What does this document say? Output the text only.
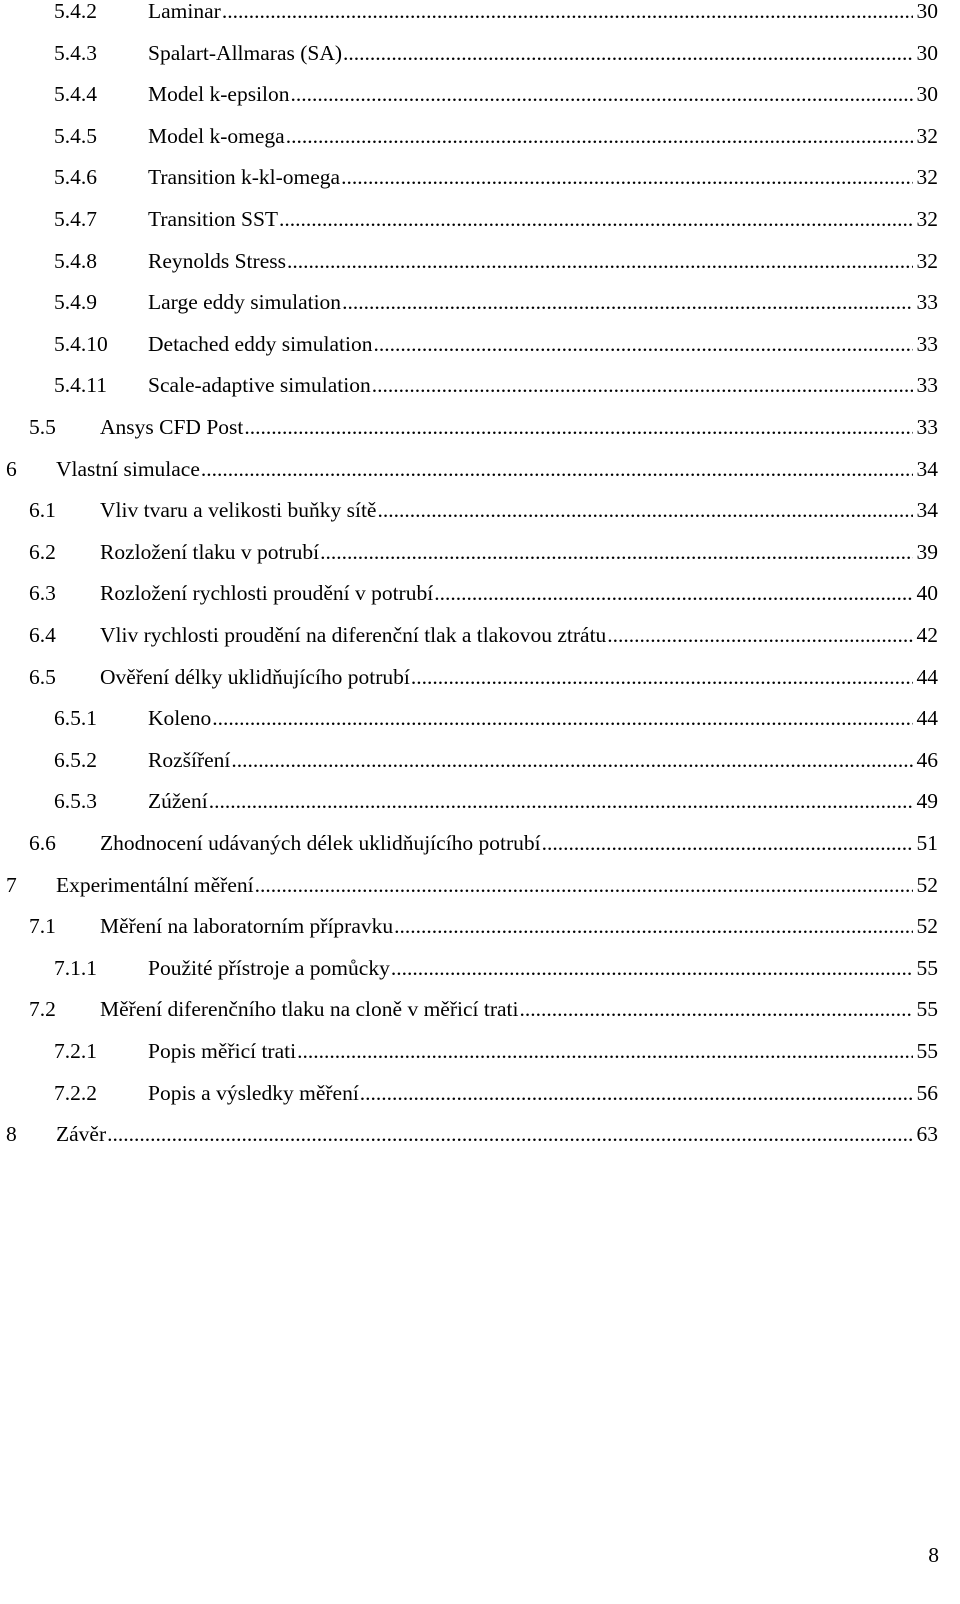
5.4.2 Laminar .....	30
5.4.3 Spalart-Allmaras (SA) .....	30
5.4.4 Model k-epsilon .....	30
5.4.5 Model k-omega .....	32
5.4.6 Transition k-kl-omega .....	32
5.4.7 Transition SST .....	32
5.4.8 Reynolds Stress .....	32
5.4.9 Large eddy simulation .....	33
5.4.10 Detached eddy simulation .....	33
5.4.11 Scale-adaptive simulation .....	33
5.5 Ansys CFD Post .....	33
6 Vlastní simulace .....	34
6.1 Vliv tvaru a velikosti buňky sítě .....	34
6.2 Rozložení tlaku v potrubí .....	39
6.3 Rozložení rychlosti proudění v potrubí .....	40
6.4 Vliv rychlosti proudění na diferenční tlak a tlakovou ztrátu .....	42
6.5 Ověření délky uklidňujícího potrubí .....	44
6.5.1 Koleno .....	44
6.5.2 Rozšíření .....	46
6.5.3 Zúžení .....	49
6.6 Zhodnocení udávaných délek uklidňujícího potrubí .....	51
7 Experimentální měření .....	52
7.1 Měření na laboratorním přípravku .....	52
7.1.1 Použité přístroje a pomůcky .....	55
7.2 Měření diferenčního tlaku na cloně v měřicí trati .....	55
7.2.1 Popis měřicí trati .....	55
7.2.2 Popis a výsledky měření .....	56
8 Závěr .....	63
8
